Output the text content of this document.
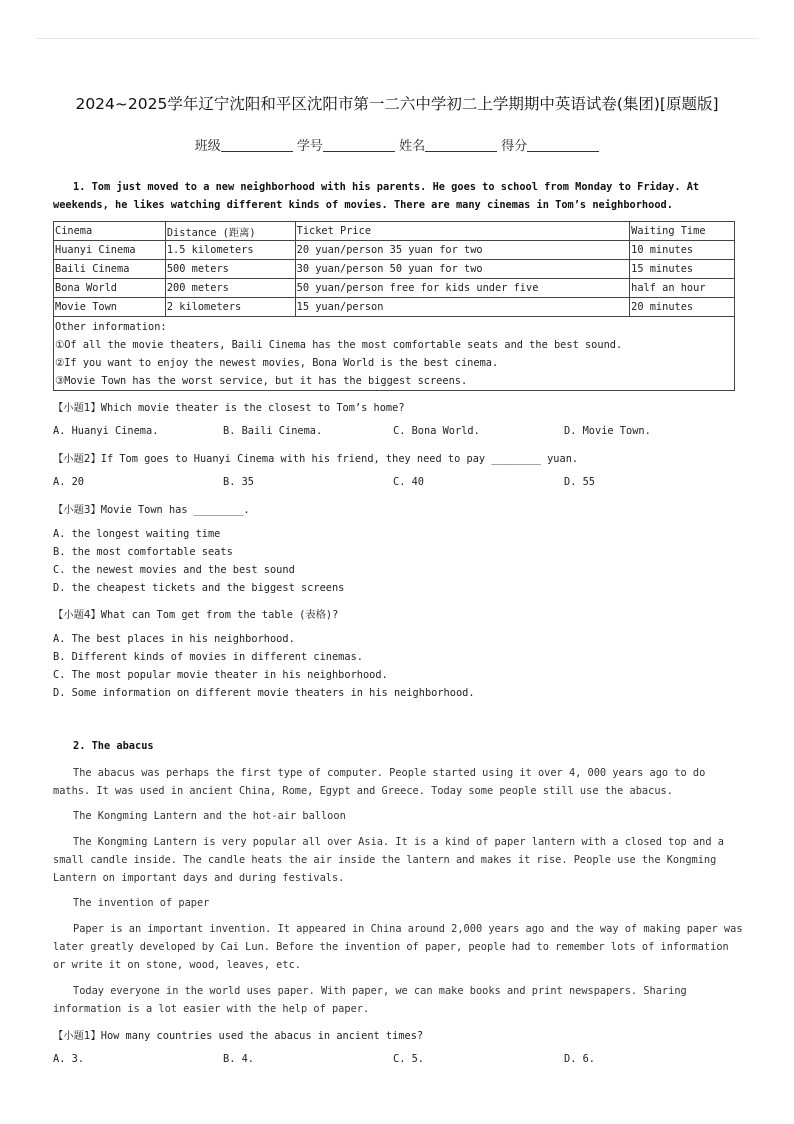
2024~2025学年辽宁沈阳和平区沈阳市第一二六中学初二上学期期中英语试卷(集团)[原题版]
班级	学号	姓名	得分
1. Tom just moved to a new neighborhood with his parents. He goes to school from Monday to Friday. At weekends, he likes watching different kinds of movies. There are many cinemas in Tom’s neighborhood.
Cinema	Distance (距离)	Ticket Price	Waiting Time
Huanyi Cinema	1.5 kilometers	20 yuan/person 35 yuan for two	10 minutes
Baili Cinema	500 meters	30 yuan/person 50 yuan for two	15 minutes
Bona World	200 meters	50 yuan/person free for kids under five	half an hour
Movie Town	2 kilometers	15 yuan/person	20 minutes

Other information:
①Of all the movie theaters, Baili Cinema has the most comfortable seats and the best sound.
②If you want to enjoy the newest movies, Bona World is the best cinema.
③Movie Town has the worst service, but it has the biggest screens.			
【小题1】Which movie theater is the closest to Tom’s home?
A. Huanyi Cinema.	B. Baili Cinema.	C. Bona World.	D. Movie Town.
【小题2】If Tom goes to Huanyi Cinema with his friend, they need to pay ________ yuan.
A. 20	B. 35	C. 40	D. 55
【小题3】Movie Town has ________.
A. the longest waiting time
B. the most comfortable seats
C. the newest movies and the best sound
D. the cheapest tickets and the biggest screens
【小题4】What can Tom get from the table (表格)?
A. The best places in his neighborhood.
B. Different kinds of movies in different cinemas.
C. The most popular movie theater in his neighborhood.
D. Some information on different movie theaters in his neighborhood.
2. The abacus
The abacus was perhaps the first type of computer. People started using it over 4, 000 years ago to do maths. It was used in ancient China, Rome, Egypt and Greece. Today some people still use the abacus.
The Kongming Lantern and the hot-air balloon
The Kongming Lantern is very popular all over Asia. It is a kind of paper lantern with a closed top and a small candle inside. The candle heats the air inside the lantern and makes it rise. People use the Kongming Lantern on important days and during festivals.
The invention of paper
Paper is an important invention. It appeared in China around 2,000 years ago and the way of making paper was later greatly developed by Cai Lun. Before the invention of paper, people had to remember lots of information or write it on stone, wood, leaves, etc.
Today everyone in the world uses paper. With paper, we can make books and print newspapers. Sharing information is a lot easier with the help of paper.
【小题1】How many countries used the abacus in ancient times?
A. 3.	B. 4.	C. 5.	D. 6.
